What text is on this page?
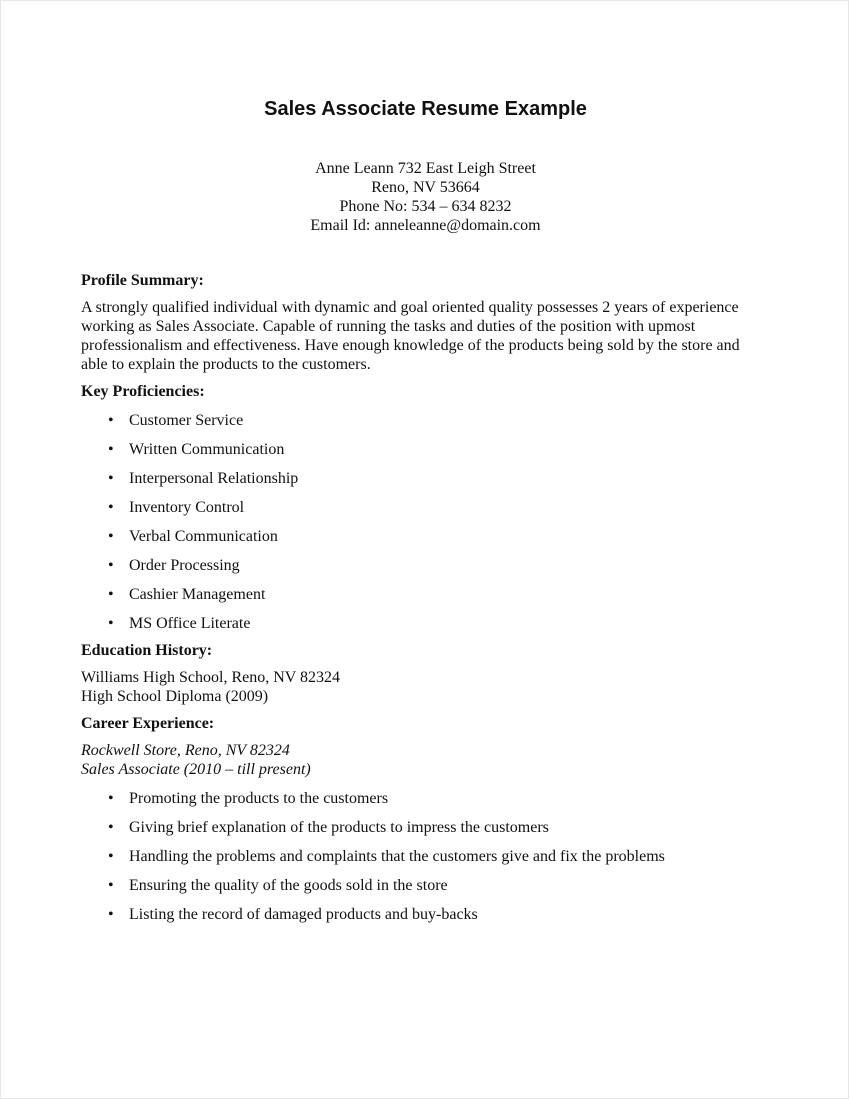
Sales Associate Resume Example
Anne Leann 732 East Leigh Street
Reno, NV 53664
Phone No: 534 – 634 8232
Email Id: anneleanne@domain.com
Profile Summary:
A strongly qualified individual with dynamic and goal oriented quality possesses 2 years of experience
working as Sales Associate. Capable of running the tasks and duties of the position with upmost
professionalism and effectiveness. Have enough knowledge of the products being sold by the store and
able to explain the products to the customers.
Key Proficiencies:
• Customer Service
• Written Communication
• Interpersonal Relationship
• Inventory Control
• Verbal Communication
• Order Processing
• Cashier Management
• MS Office Literate
Education History:
Williams High School, Reno, NV 82324
High School Diploma (2009)
Career Experience:
Rockwell Store, Reno, NV 82324
Sales Associate (2010 – till present)
• Promoting the products to the customers
• Giving brief explanation of the products to impress the customers
• Handling the problems and complaints that the customers give and fix the problems
• Ensuring the quality of the goods sold in the store
• Listing the record of damaged products and buy-backs
